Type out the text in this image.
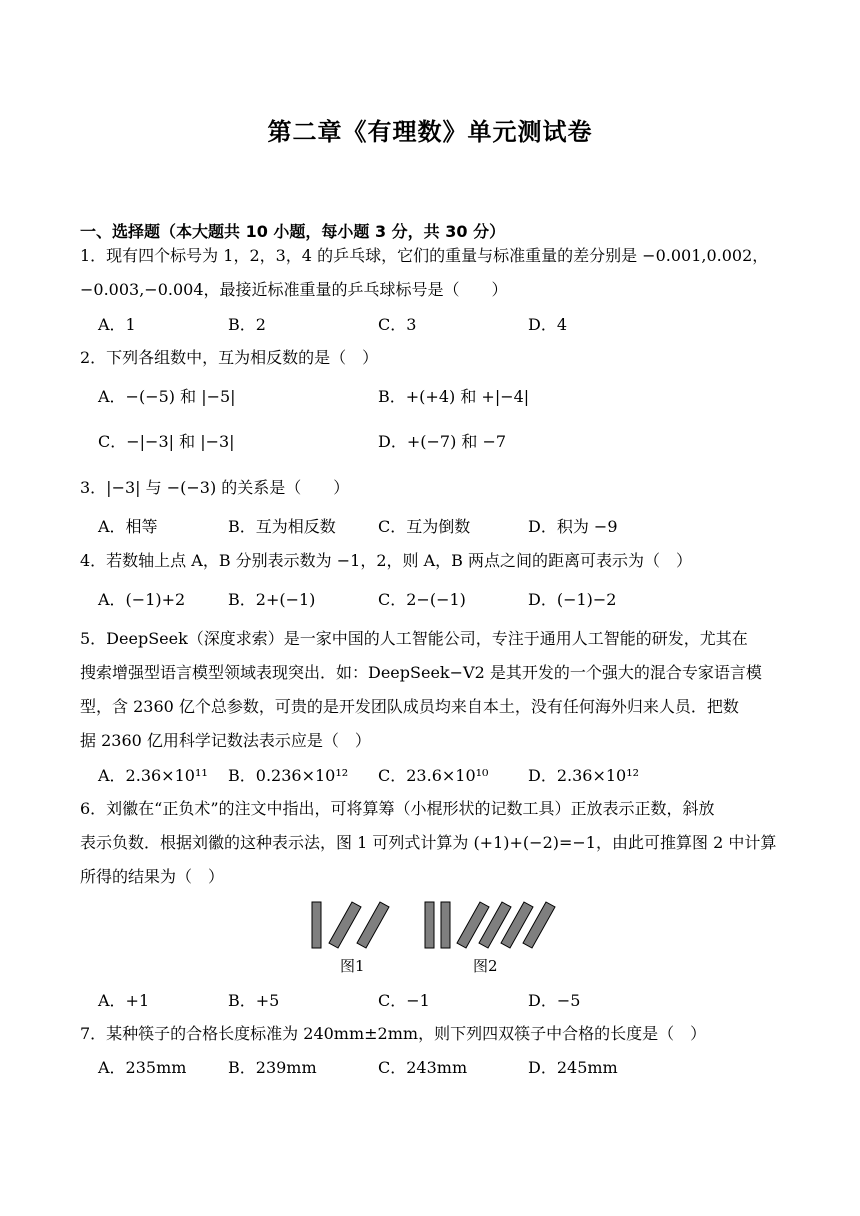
第二章《有理数》单元测试卷
一、选择题（本大题共 10 小题，每小题 3 分，共 30 分）
1．现有四个标号为 1，2，3，4 的乒乓球，它们的重量与标准重量的差分别是 −0.001,0.002，
−0.003,−0.004，最接近标准重量的乒乓球标号是（　　）
A．1	B．2	C．3	D．4
2．下列各组数中，互为相反数的是（　）
A．−(−5) 和 |−5|	B．+(+4) 和 +|−4|
C．−|−3| 和 |−3|	D．+(−7) 和 −7
3．|−3| 与 −(−3) 的关系是（　　）
A．相等	B．互为相反数	C．互为倒数	D．积为 −9
4．若数轴上点 A，B 分别表示数为 −1，2，则 A，B 两点之间的距离可表示为（　）
A．(−1)+2	B．2+(−1)	C．2−(−1)	D．(−1)−2
5．DeepSeek（深度求索）是一家中国的人工智能公司，专注于通用人工智能的研发，尤其在
搜索增强型语言模型领域表现突出．如：DeepSeek−V2 是其开发的一个强大的混合专家语言模
型，含 2360 亿个总参数，可贵的是开发团队成员均来自本土，没有任何海外归来人员．把数
据 2360 亿用科学记数法表示应是（　）
A．2.36×10¹¹ B．0.236×10¹² C．23.6×10¹⁰ D．2.36×10¹²
6．刘徽在“正负术”的注文中指出，可将算筹（小棍形状的记数工具）正放表示正数，斜放
表示负数．根据刘徽的这种表示法，图 1 可列式计算为 (+1)+(−2)=−1，由此可推算图 2 中计算
所得的结果为（　）
图1	图2
A．+1	B．+5	C．−1	D．−5
7．某种筷子的合格长度标准为 240mm±2mm，则下列四双筷子中合格的长度是（　）
A．235mm	B．239mm	C．243mm	D．245mm
